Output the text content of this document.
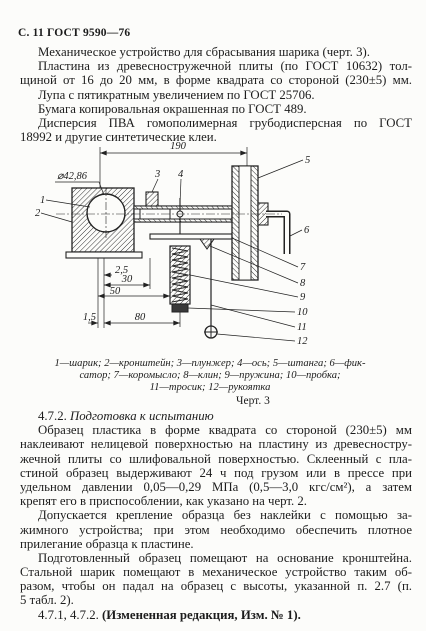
С. 11 ГОСТ 9590—76
Механическое устройство для сбрасывания шарика (черт. 3).
Пластина из древесностружечной плиты (по ГОСТ 10632) тол-
щиной от 16 до 20 мм, в форме квадрата со стороной (230±5) мм.
Лупа с пятикратным увеличением по ГОСТ 25706.
Бумага копировальная окрашенная по ГОСТ 489.
Дисперсия ПВА гомополимерная грубодисперсная по ГОСТ
18992 и другие синтетические клеи.
190
⌀42,86
2,5
30
50
1,5	80
1
2
3 4
5
6
7
8
9
10
11
12
1—шарик; 2—кронштейн; 3—плунжер; 4—ось; 5—штанга; 6—фик-
сатор; 7—коромысло; 8—клин; 9—пружина; 10—пробка;
11—тросик; 12—рукоятка
Черт. 3
4.7.2. Подготовка к испытанию
Образец пластика в форме квадрата со стороной (230±5) мм
наклеивают нелицевой поверхностью на пластину из древесностру-
жечной плиты со шлифовальной поверхностью. Склеенный с пла-
стиной образец выдерживают 24 ч под грузом или в прессе при
удельном давлении 0,05—0,29 МПа (0,5—3,0 кгс/см²), а затем
крепят его в приспособлении, как указано на черт. 2.
Допускается крепление образца без наклейки с помощью за-
жимного устройства; при этом необходимо обеспечить плотное
прилегание образца к пластине.
Подготовленный образец помещают на основание кронштейна.
Стальной шарик помещают в механическое устройство таким об-
разом, чтобы он падал на образец с высоты, указанной п. 2.7 (п.
5 табл. 2).
4.7.1, 4.7.2. (Измененная редакция, Изм. № 1).
